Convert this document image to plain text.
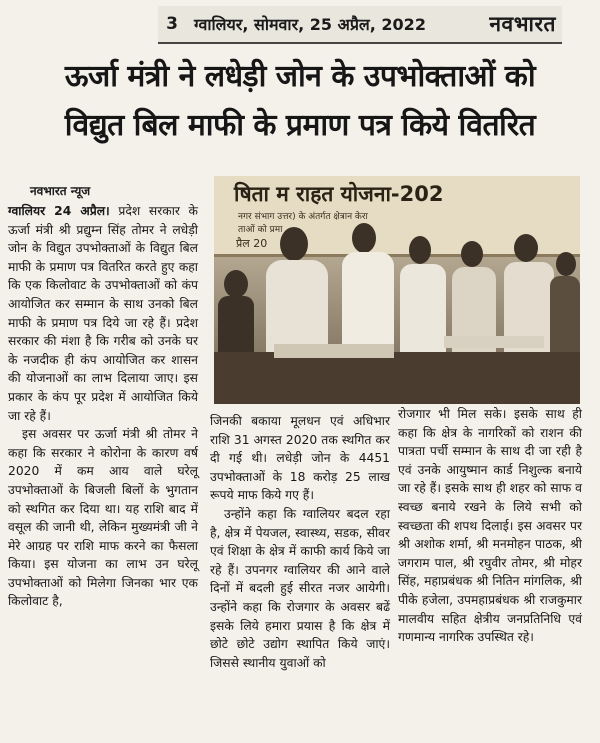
3	ग्वालियर, सोमवार, 25 अप्रैल, 2022	नवभारत
ऊर्जा मंत्री ने लधेड़ी जोन के उपभोक्ताओं को
विद्युत बिल माफी के प्रमाण पत्र किये वितरित
नवभारत न्यूज	षिता म राहत योजना-202
नगर संभाग उत्तर) के अंतर्गत क्षेत्रान केरा
ताओं को प्रमा
प्रैल 20

ग्वालियर 24 अप्रैल। प्रदेश सरकार के ऊर्जा मंत्री श्री प्रद्युम्न सिंह तोमर ने लधेड़ी जोन के विद्युत उपभोक्ताओं के विद्युत बिल माफी के प्रमाण पत्र वितरित करते हुए कहा कि एक किलोवाट के उपभोक्ताओं को कंप आयोजित कर सम्मान के साथ उनको बिल माफी के प्रमाण पत्र दिये जा रहे हैं। प्रदेश सरकार की मंशा है कि गरीब को उनके घर के नजदीक ही कंप आयोजित कर शासन की योजनाओं का लाभ दिलाया जाए। इस प्रकार के कंप पूर प्रदेश में आयोजित किये जा रहे हैं।

इस अवसर पर ऊर्जा मंत्री श्री तोमर ने कहा कि सरकार ने कोरोना के कारण वर्ष 2020 में कम आय वाले घरेलू उपभोक्ताओं के बिजली बिलों के भुगतान को स्थगित कर दिया था। यह राशि बाद में वसूल की जानी थी, लेकिन मुख्यमंत्री जी ने मेरे आग्रह पर राशि माफ करने का फैसला किया। इस योजना का लाभ उन घरेलू उपभोक्ताओं को मिलेगा जिनका भार एक किलोवाट है,

जिनकी बकाया मूलधन एवं अधिभार राशि 31 अगस्त 2020 तक स्थगित कर दी गई थी। लधेड़ी जोन के 4451 उपभोक्ताओं के 18 करोड़ 25 लाख रूपये माफ किये गए हैं।

उन्होंने कहा कि ग्वालियर बदल रहा है, क्षेत्र में पेयजल, स्वास्थ्य, सडक, सीवर एवं शिक्षा के क्षेत्र में काफी कार्य किये जा रहे हैं। उपनगर ग्वालियर की आने वाले दिनों में बदली हुई सीरत नजर आयेगी। उन्होंने कहा कि रोजगार के अवसर बढें इसके लिये हमारा प्रयास है कि क्षेत्र में छोटे छोटे उद्योग स्थापित किये जाएं। जिससे स्थानीय युवाओं को

रोजगार भी मिल सके। इसके साथ ही कहा कि क्षेत्र के नागरिकों को राशन की पात्रता पर्ची सम्मान के साथ दी जा रही है एवं उनके आयुष्मान कार्ड निशुल्क बनाये जा रहे हैं। इसके साथ ही शहर को साफ व स्वच्छ बनाये रखने के लिये सभी को स्वच्छता की शपथ दिलाई। इस अवसर पर श्री अशोक शर्मा, श्री मनमोहन पाठक, श्री जगराम पाल, श्री रघुवीर तोमर, श्री मोहर सिंह, महाप्रबंधक श्री नितिन मांगलिक, श्री पीके हजेला, उपमहाप्रबंधक श्री राजकुमार मालवीय सहित क्षेत्रीय जनप्रतिनिधि एवं गणमान्य नागरिक उपस्थित रहे।
